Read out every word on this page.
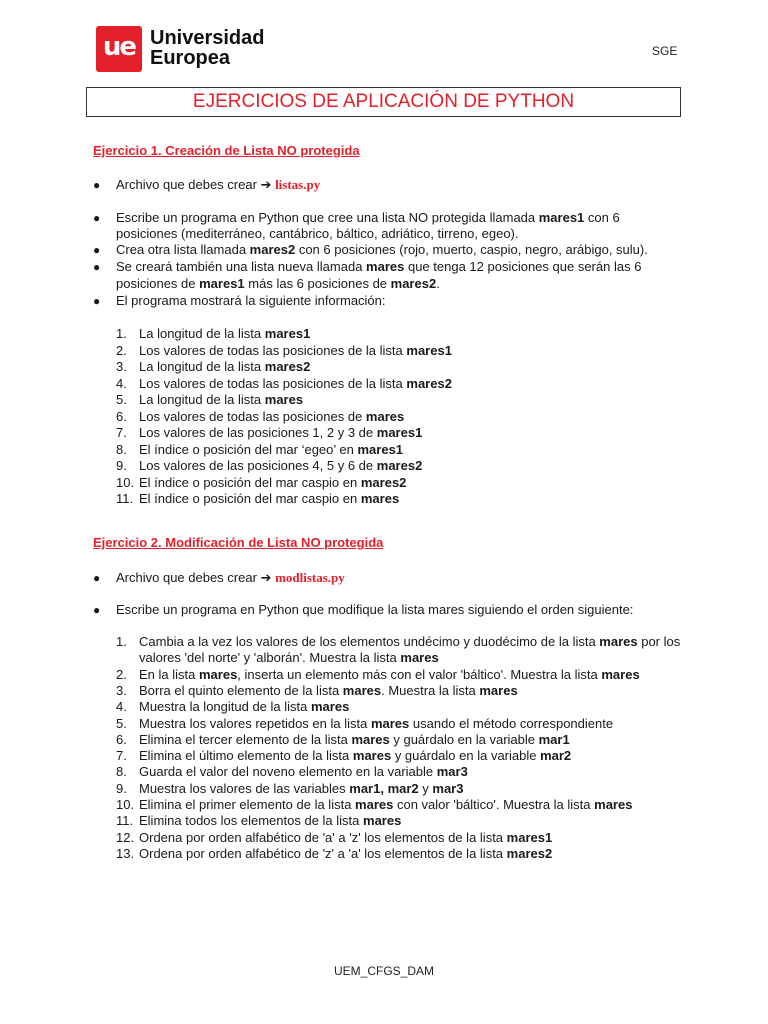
ue Universidad
Europea	SGE
EJERCICIOS DE APLICACIÓN DE PYTHON
Ejercicio 1. Creación de Lista NO protegida
● Archivo que debes crear ➔ listas.py
● Escribe un programa en Python que cree una lista NO protegida llamada mares1 con 6
posiciones (mediterráneo, cantábrico, báltico, adriático, tirreno, egeo).
● Crea otra lista llamada mares2 con 6 posiciones (rojo, muerto, caspio, negro, arábigo, sulu).
● Se creará también una lista nueva llamada mares que tenga 12 posiciones que serán las 6
posiciones de mares1 más las 6 posiciones de mares2.
● El programa mostrará la siguiente información:
1. La longitud de la lista mares1
2. Los valores de todas las posiciones de la lista mares1
3. La longitud de la lista mares2
4. Los valores de todas las posiciones de la lista mares2
5. La longitud de la lista mares
6. Los valores de todas las posiciones de mares
7. Los valores de las posiciones 1, 2 y 3 de mares1
8. El índice o posición del mar ‘egeo’ en mares1
9. Los valores de las posiciones 4, 5 y 6 de mares2
10. El índice o posición del mar caspio en mares2
11. El índice o posición del mar caspio en mares
Ejercicio 2. Modificación de Lista NO protegida
● Archivo que debes crear ➔ modlistas.py
● Escribe un programa en Python que modifique la lista mares siguiendo el orden siguiente:
1. Cambia a la vez los valores de los elementos undécimo y duodécimo de la lista mares por los
valores 'del norte' y 'alborán'. Muestra la lista mares
2. En la lista mares, inserta un elemento más con el valor 'báltico'. Muestra la lista mares
3. Borra el quinto elemento de la lista mares. Muestra la lista mares
4. Muestra la longitud de la lista mares
5. Muestra los valores repetidos en la lista mares usando el método correspondiente
6. Elimina el tercer elemento de la lista mares y guárdalo en la variable mar1
7. Elimina el último elemento de la lista mares y guárdalo en la variable mar2
8. Guarda el valor del noveno elemento en la variable mar3
9. Muestra los valores de las variables mar1, mar2 y mar3
10. Elimina el primer elemento de la lista mares con valor 'báltico'. Muestra la lista mares
11. Elimina todos los elementos de la lista mares
12. Ordena por orden alfabético de 'a' a 'z' los elementos de la lista mares1
13. Ordena por orden alfabético de 'z' a 'a' los elementos de la lista mares2
UEM_CFGS_DAM
